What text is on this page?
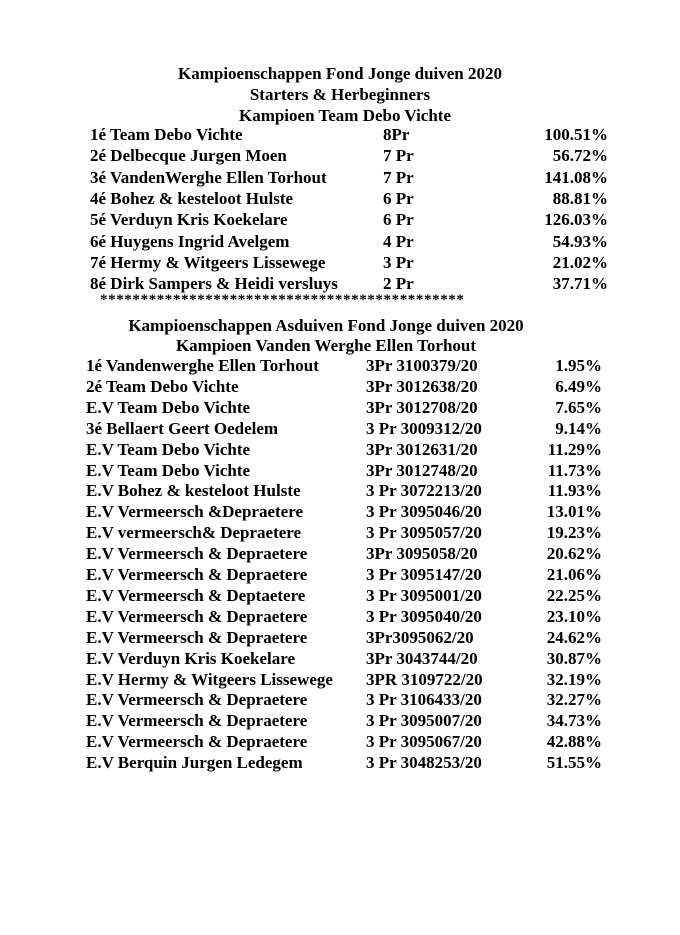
Kampioenschappen Fond Jonge duiven 2020
Starters & Herbeginners
Kampioen Team Debo Vichte
1é Team Debo Vichte	8Pr	100.51%
2é Delbecque Jurgen Moen	7 Pr	56.72%
3é VandenWerghe Ellen Torhout	7 Pr	141.08%
4é Bohez & kesteloot Hulste	6 Pr	88.81%
5é Verduyn Kris Koekelare	6 Pr	126.03%
6é Huygens Ingrid Avelgem	4 Pr	54.93%
7é Hermy & Witgeers Lissewege	3 Pr	21.02%
8é Dirk Sampers & Heidi versluys	2 Pr	37.71%
*********************************************
Kampioenschappen Asduiven Fond Jonge duiven 2020
Kampioen Vanden Werghe Ellen Torhout
1é Vandenwerghe Ellen Torhout	3Pr 3100379/20	1.95%
2é Team Debo Vichte	3Pr 3012638/20	6.49%
E.V Team Debo Vichte	3Pr 3012708/20	7.65%
3é Bellaert Geert Oedelem	3 Pr 3009312/20	9.14%
E.V Team Debo Vichte	3Pr 3012631/20	11.29%
E.V Team Debo Vichte	3Pr 3012748/20	11.73%
E.V Bohez & kesteloot Hulste	3 Pr 3072213/20	11.93%
E.V Vermeersch &Depraetere	3 Pr 3095046/20	13.01%
E.V vermeersch& Depraetere	3 Pr 3095057/20	19.23%
E.V Vermeersch & Depraetere	3Pr 3095058/20	20.62%
E.V Vermeersch & Depraetere	3 Pr 3095147/20	21.06%
E.V Vermeersch & Deptaetere	3 Pr 3095001/20	22.25%
E.V Vermeersch & Depraetere	3 Pr 3095040/20	23.10%
E.V Vermeersch & Depraetere	3Pr3095062/20	24.62%
E.V Verduyn Kris Koekelare	3Pr 3043744/20	30.87%
E.V Hermy & Witgeers Lissewege 3PR 3109722/20	32.19%
E.V Vermeersch & Depraetere	3 Pr 3106433/20	32.27%
E.V Vermeersch & Depraetere	3 Pr 3095007/20	34.73%
E.V Vermeersch & Depraetere	3 Pr 3095067/20	42.88%
E.V Berquin Jurgen Ledegem	3 Pr 3048253/20	51.55%
